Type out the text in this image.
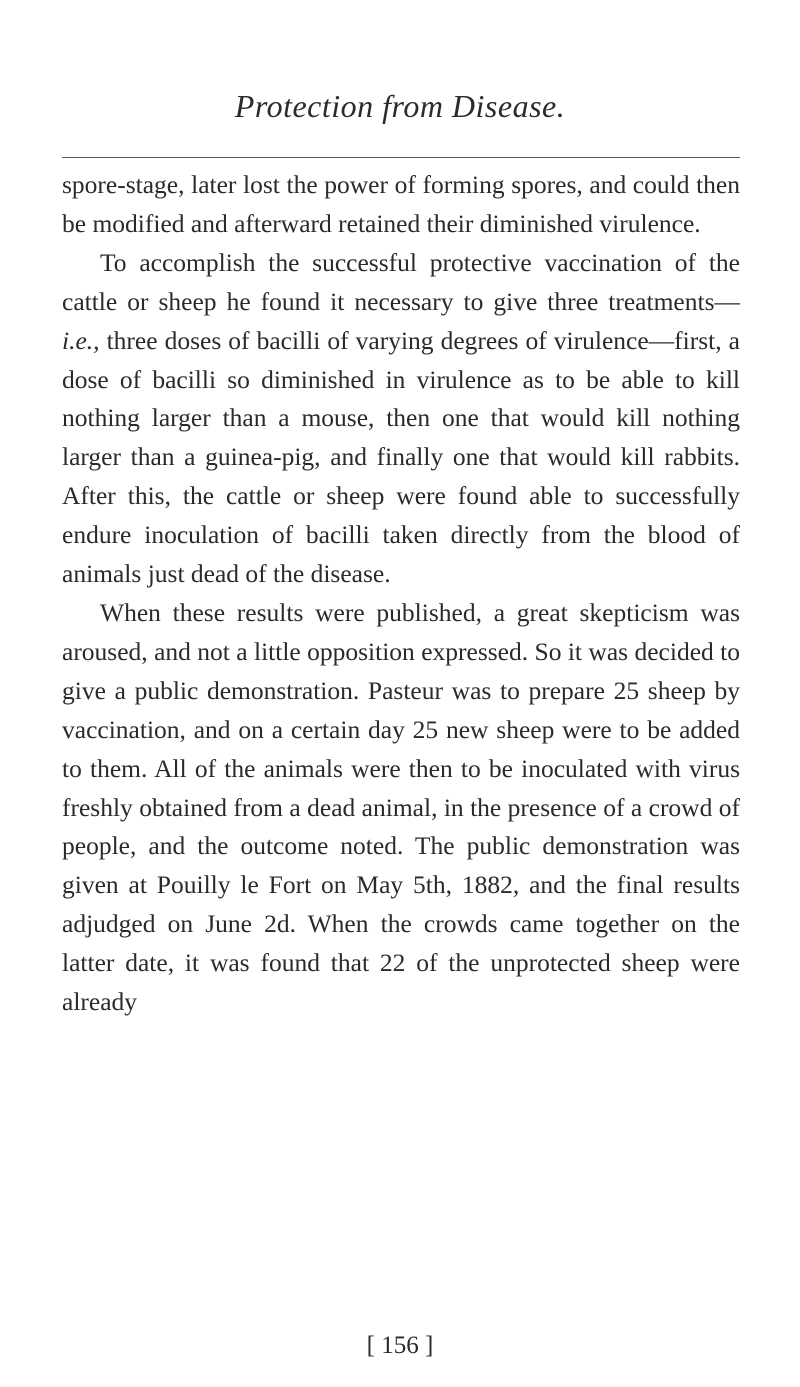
Protection from Disease.

spore-stage, later lost the power of forming spores, and could then be modified and afterward retained their diminished virulence.

To accomplish the successful protective vaccination of the cattle or sheep he found it necessary to give three treatments—i.e., three doses of bacilli of varying degrees of virulence—first, a dose of bacilli so diminished in virulence as to be able to kill nothing larger than a mouse, then one that would kill nothing larger than a guinea-pig, and finally one that would kill rabbits. After this, the cattle or sheep were found able to successfully endure inoculation of bacilli taken directly from the blood of animals just dead of the disease.

When these results were published, a great skepticism was aroused, and not a little opposition expressed. So it was decided to give a public demonstration. Pasteur was to prepare 25 sheep by vaccination, and on a certain day 25 new sheep were to be added to them. All of the animals were then to be inoculated with virus freshly obtained from a dead animal, in the presence of a crowd of people, and the outcome noted. The public demonstration was given at Pouilly le Fort on May 5th, 1882, and the final results adjudged on June 2d. When the crowds came together on the latter date, it was found that 22 of the unprotected sheep were already

[ 156 ]
